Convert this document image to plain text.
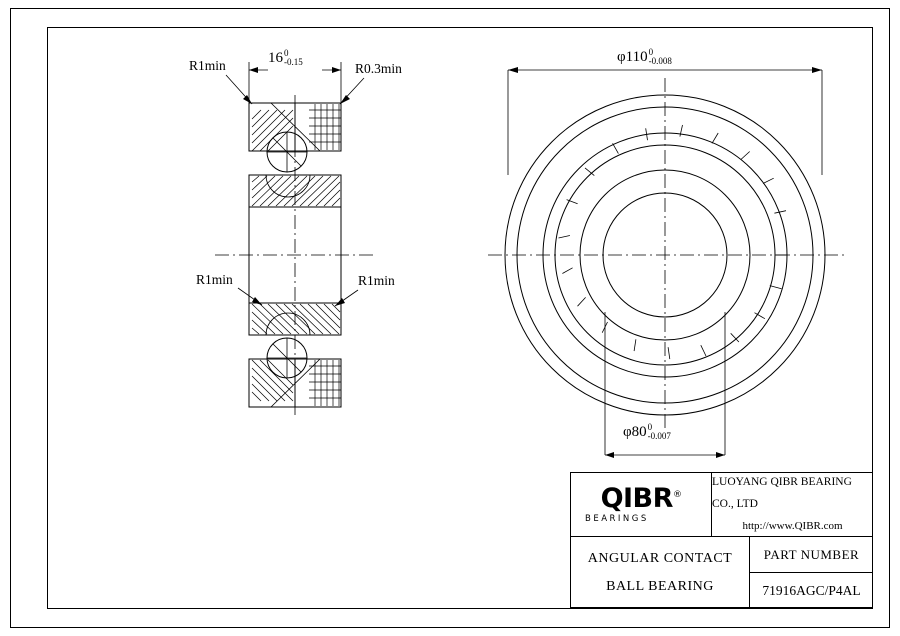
R1min	16 0
-0.15	R0.3min
R1min	R1min
φ110 0
-0.008
φ80 0
-0.007
QIBR®
BEARINGS
LUOYANG QIBR BEARING CO., LTD
http://www.QIBR.com
ANGULAR CONTACT
BALL BEARING
PART NUMBER
71916AGC/P4AL
